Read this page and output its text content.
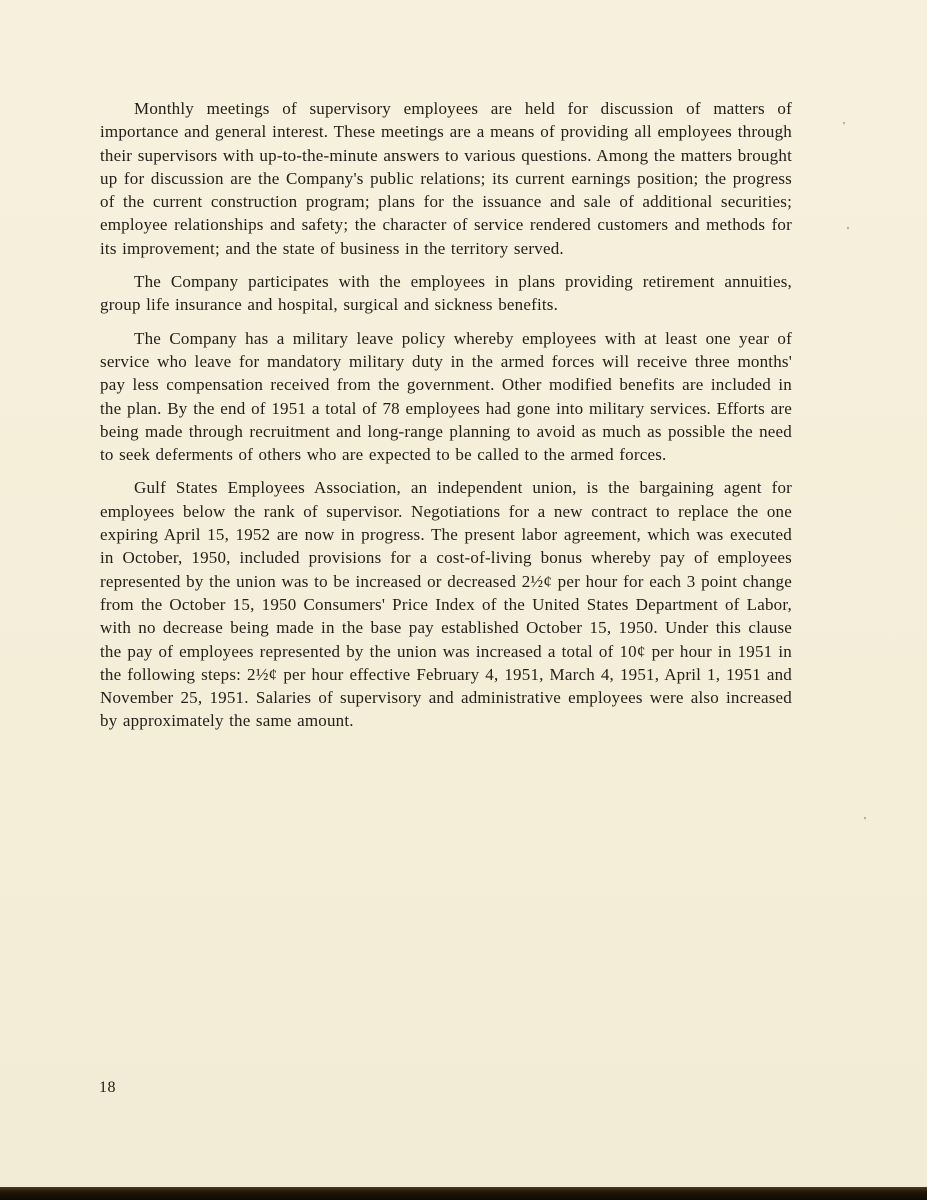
Monthly meetings of supervisory employees are held for discussion of matters of importance and general interest. These meetings are a means of providing all employees through their supervisors with up-to-the-minute answers to various questions. Among the matters brought up for discussion are the Company's public relations; its current earnings position; the progress of the current construction program; plans for the issuance and sale of additional securities; employee relationships and safety; the character of service rendered customers and methods for its improvement; and the state of business in the territory served.

The Company participates with the employees in plans providing retirement annuities, group life insurance and hospital, surgical and sickness benefits.

The Company has a military leave policy whereby employees with at least one year of service who leave for mandatory military duty in the armed forces will receive three months' pay less compensation received from the government. Other modified benefits are included in the plan. By the end of 1951 a total of 78 employees had gone into military services. Efforts are being made through recruitment and long-range planning to avoid as much as possible the need to seek deferments of others who are expected to be called to the armed forces.

Gulf States Employees Association, an independent union, is the bargaining agent for employees below the rank of supervisor. Negotiations for a new contract to replace the one expiring April 15, 1952 are now in progress. The present labor agreement, which was executed in October, 1950, included provisions for a cost-of-living bonus whereby pay of employees represented by the union was to be increased or decreased 2½¢ per hour for each 3 point change from the October 15, 1950 Consumers' Price Index of the United States Department of Labor, with no decrease being made in the base pay established October 15, 1950. Under this clause the pay of employees represented by the union was increased a total of 10¢ per hour in 1951 in the following steps: 2½¢ per hour effective February 4, 1951, March 4, 1951, April 1, 1951 and November 25, 1951. Salaries of supervisory and administrative employees were also increased by approximately the same amount.

18
'
'
'
